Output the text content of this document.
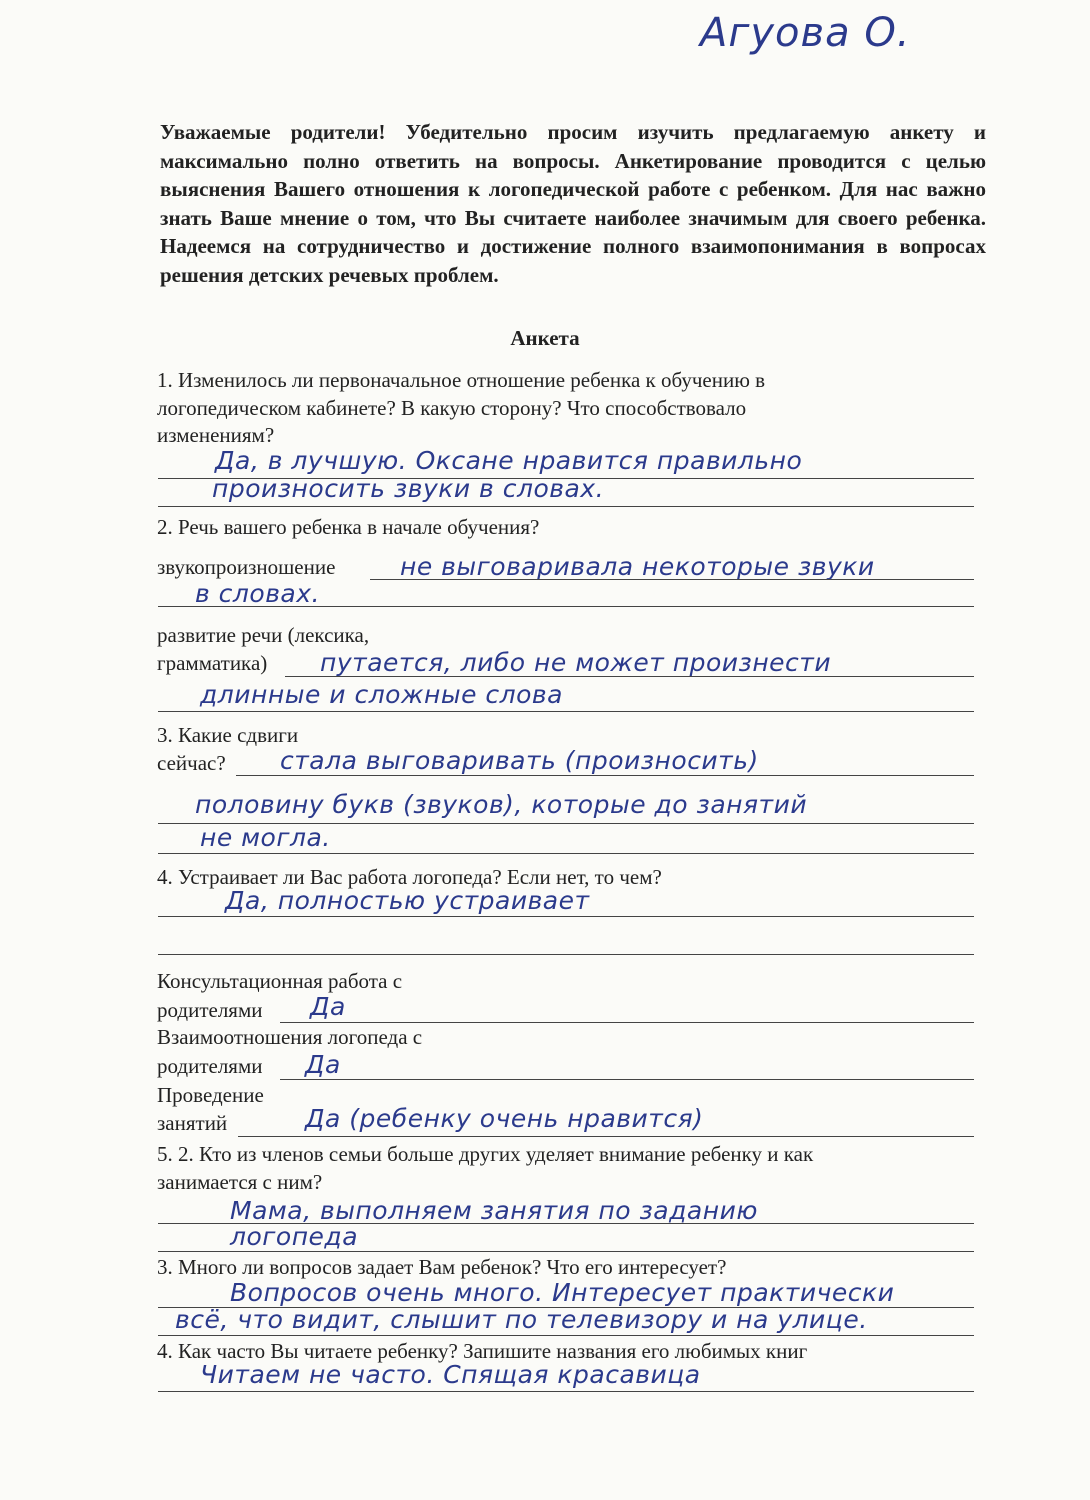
Агуова О.

Уважаемые родители! Убедительно просим изучить предлагаемую анкету и максимально полно ответить на вопросы. Анкетирование проводится с целью выяснения Вашего отношения к логопедической работе с ребенком. Для нас важно знать Ваше мнение о том, что Вы считаете наиболее значимым для своего ребенка. Надеемся на сотрудничество и достижение полного взаимопонимания в вопросах решения детских речевых проблем.

Анкета
1. Изменилось ли первоначальное отношение ребенка к обучению в
логопедическом кабинете? В какую сторону? Что способствовало
изменениям?
Да, в лучшую. Оксане нравится правильно
произносить звуки в словах.
2. Речь вашего ребенка в начале обучения?
звукопроизношение	не выговаривала некоторые звуки
в словах.
развитие речи (лексика,
грамматика) путается, либо не может произнести
длинные и сложные слова
3. Какие сдвиги
сейчас? стала выговаривать (произносить)
половину букв (звуков), которые до занятий
не могла.
4. Устраивает ли Вас работа логопеда? Если нет, то чем?
Да, полностью устраивает
Консультационная работа с
родителями Да
Взаимоотношения логопеда с
родителями Да
Проведение
занятий	Да (ребенку очень нравится)
5. 2. Кто из членов семьи больше других уделяет внимание ребенку и как
занимается с ним?
Мама, выполняем занятия по заданию
логопеда
3. Много ли вопросов задает Вам ребенок? Что его интересует?
Вопросов очень много. Интересует практически
всё, что видит, слышит по телевизору и на улице.
4. Как часто Вы читаете ребенку? Запишите названия его любимых книг
Читаем не часто. Спящая красавица
